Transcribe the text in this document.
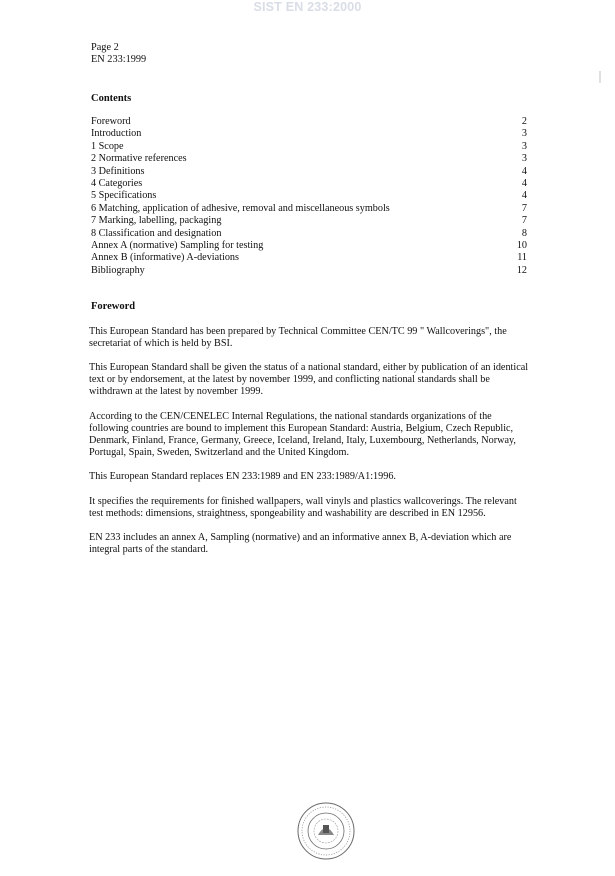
SIST EN 233:2000
Page 2
EN 233:1999
Contents
Foreword	2
Introduction	3
1 Scope	3
2 Normative references	3
3 Definitions	4
4 Categories	4
5 Specifications	4
6 Matching, application of adhesive, removal and miscellaneous symbols	7
7 Marking, labelling, packaging	7
8 Classification and designation	8
Annex A (normative) Sampling for testing	10
Annex B (informative) A-deviations	11
Bibliography	12
Foreword

This European Standard has been prepared by Technical Committee CEN/TC 99 " Wallcoverings", the secretariat of which is held by BSI.

This European Standard shall be given the status of a national standard, either by publication of an identical text or by endorsement, at the latest by november 1999, and conflicting national standards shall be withdrawn at the latest by november 1999.

According to the CEN/CENELEC Internal Regulations, the national standards organizations of the following countries are bound to implement this European Standard: Austria, Belgium, Czech Republic, Denmark, Finland, France, Germany, Greece, Iceland, Ireland, Italy, Luxembourg, Netherlands, Norway, Portugal, Spain, Sweden, Switzerland and the United Kingdom.

This European Standard replaces EN 233:1989 and EN 233:1989/A1:1996.

It specifies the requirements for finished wallpapers, wall vinyls and plastics wallcoverings. The relevant test methods: dimensions, straightness, spongeability and washability are described in EN 12956.

EN 233 includes an annex A, Sampling (normative) and an informative annex B, A-deviation which are integral parts of the standard.
